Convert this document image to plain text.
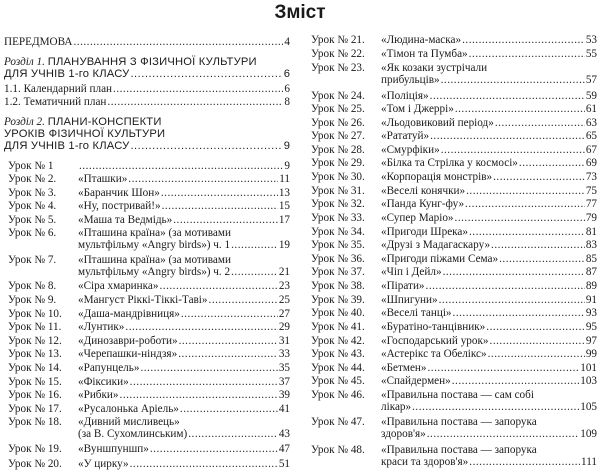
Зміст
ПЕРЕДМОВА .....	4
Розділ 1. ПЛАНУВАННЯ З ФІЗИЧНОЇ КУЛЬТУРИ
ДЛЯ УЧНІВ 1-го КЛАСУ .....	6
1.1. Календарний план .....	6
1.2. Тематичний план .....	8
Розділ 2. ПЛАНИ-КОНСПЕКТИ
УРОКІВ ФІЗИЧНОЇ КУЛЬТУРИ
ДЛЯ УЧНІВ 1-го КЛАСУ .....	9
Урок № 1 .....	9
Урок № 2.	«Пташки» .....	11
Урок № 3.	«Баранчик Шон» .....	13
Урок № 4.	«Ну, постривай!» .....	15
Урок № 5.	«Маша та Ведмідь» .....	17
Урок № 6.	«Пташина країна» (за мотивами
мультфільму «Angry birds») ч. 1 .....	19
Урок № 7.	«Пташина країна» (за мотивами
мультфільму «Angry birds») ч. 2 .....	21
Урок № 8.	«Сіра хмаринка» .....	23
Урок № 9.	«Мангуст Ріккі-Тіккі-Таві» .....	25
Урок № 10.	«Даша-мандрівниця» .....	27
Урок № 11.	«Лунтик» .....	29
Урок № 12.	«Динозаври-роботи» .....	31
Урок № 13.	«Черепашки-ніндзя» .....	33
Урок № 14.	«Рапунцель» .....	35
Урок № 15.	«Фіксики» .....	37
Урок № 16.	«Рибки» .....	39
Урок № 17.	«Русалонька Аріель» .....	41
Урок № 18.	«Дивний мисливець»
(за В. Сухомлинським) .....	43
Урок № 19.	«Вуншпуншп» .....	47
Урок № 20.	«У цирку» .....	51
Урок № 21.	«Людина-маска» .....	53
Урок № 22.	«Тімон та Пумба» .....	55
Урок № 23.	«Як козаки зустрічали
прибульців» .....	57
Урок № 24.	«Поліція» .....	59
Урок № 25.	«Том і Джеррі» .....	61
Урок № 26.	«Льодовиковий період» .....	63
Урок № 27.	«Рататуй» .....	65
Урок № 28.	«Смурфіки» .....	67
Урок № 29.	«Білка та Стрілка у космосі» .....	69
Урок № 30.	«Корпорація монстрів» .....	73
Урок № 31.	«Веселі конячки» .....	75
Урок № 32.	«Панда Кунг-фу» .....	77
Урок № 33.	«Супер Маріо» .....	79
Урок № 34.	«Пригоди Шрека» .....	81
Урок № 35.	«Друзі з Мадагаскару» .....	83
Урок № 36.	«Пригоди піжами Сема» .....	85
Урок № 37.	«Чіп і Дейл» .....	87
Урок № 38.	«Пірати» .....	89
Урок № 39.	«Шпигуни» .....	91
Урок № 40.	«Веселі танці» .....	93
Урок № 41.	«Буратіно-танцівник» .....	95
Урок № 42.	«Господарський урок» .....	97
Урок № 43.	«Астерікс та Обелікс» .....	99
Урок № 44.	«Бетмен» .....	101
Урок № 45.	«Спайдермен» .....	103
Урок № 46.	«Правильна постава — сам собі
лікар» .....	105
Урок № 47.	«Правильна постава — запорука
здоров'я» .....	109
Урок № 48.	«Правильна постава — запорука
краси та здоров'я» .....	111
